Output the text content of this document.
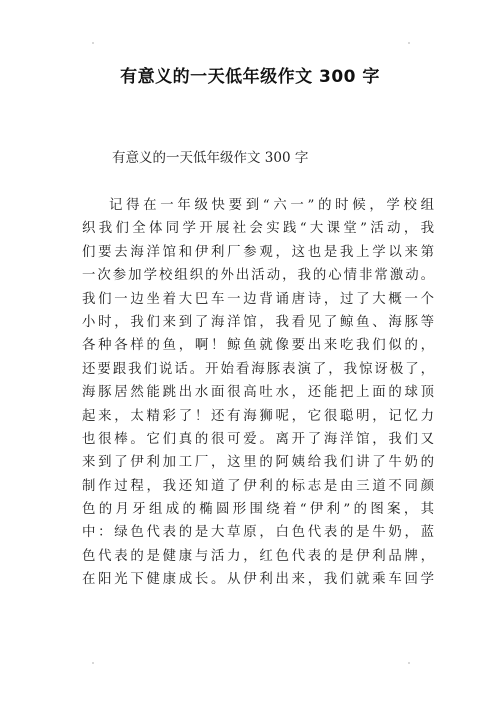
有意义的一天低年级作文 300 字

有意义的一天低年级作文 300 字

记得在一年级快要到“六一”的时候，学校组
织我们全体同学开展社会实践“大课堂”活动，我
们要去海洋馆和伊利厂参观，这也是我上学以来第
一次参加学校组织的外出活动，我的心情非常激动。
我们一边坐着大巴车一边背诵唐诗，过了大概一个
小时，我们来到了海洋馆，我看见了鲸鱼、海豚等
各种各样的鱼，啊！鲸鱼就像要出来吃我们似的，
还要跟我们说话。开始看海豚表演了，我惊讶极了，
海豚居然能跳出水面很高吐水，还能把上面的球顶
起来，太精彩了！还有海狮呢，它很聪明，记忆力
也很棒。它们真的很可爱。离开了海洋馆，我们又
来到了伊利加工厂，这里的阿姨给我们讲了牛奶的
制作过程，我还知道了伊利的标志是由三道不同颜
色的月牙组成的椭圆形围绕着“伊利”的图案，其
中：绿色代表的是大草原，白色代表的是牛奶，蓝
色代表的是健康与活力，红色代表的是伊利品牌，
在阳光下健康成长。从伊利出来，我们就乘车回学
